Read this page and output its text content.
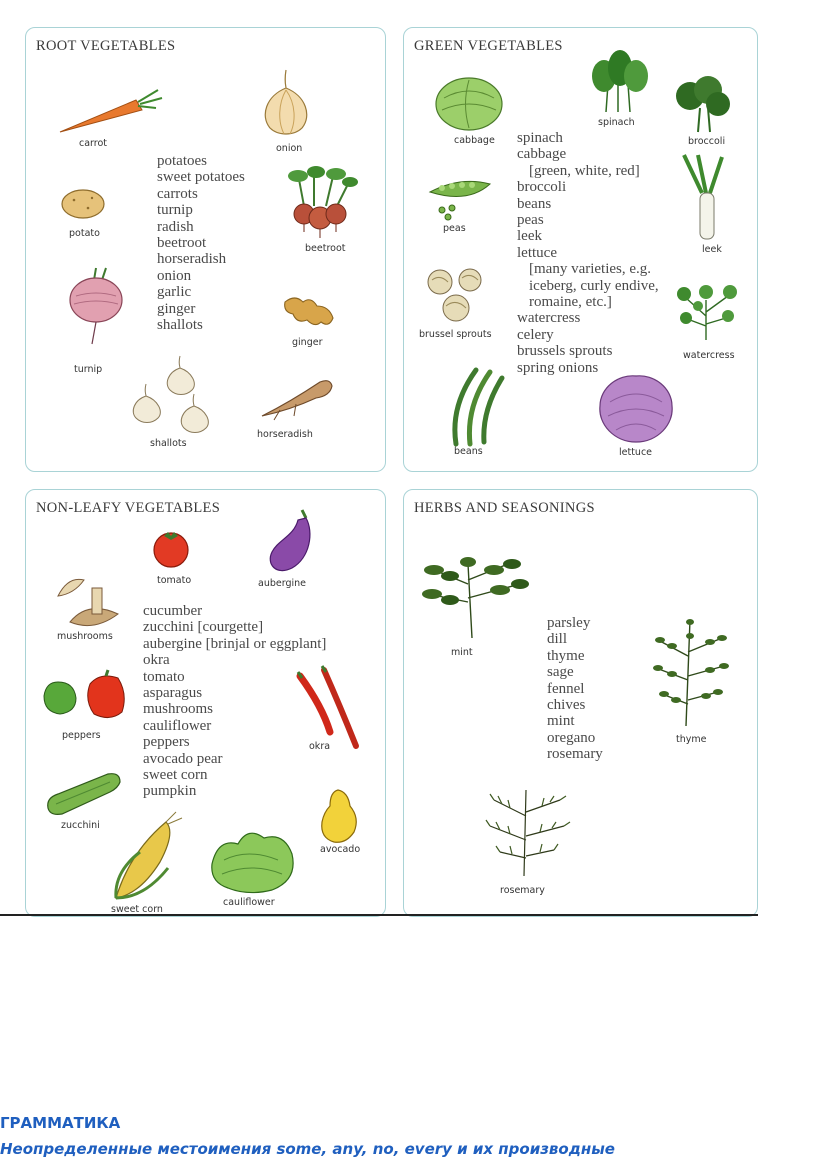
ROOT VEGETABLES
potatoes
sweet potatoes
carrots
turnip
radish
beetroot
horseradish
onion
garlic
ginger
shallots
carrot	onion
potato
beetroot
turnip
ginger
shallots
horseradish
GREEN VEGETABLES
spinach
cabbage
[green, white, red]
broccoli
beans
peas
leek
lettuce
[many varieties, e.g.
iceberg, curly endive,
romaine, etc.]
watercress
celery
brussels sprouts
spring onions
cabbage
spinach
broccoli
peas
leek
brussel sprouts
watercress
beans	lettuce
NON-LEAFY VEGETABLES
cucumber
zucchini [courgette]
aubergine [brinjal or eggplant]
okra
tomato
asparagus
mushrooms
cauliflower
peppers
avocado pear
sweet corn
pumpkin
tomato	aubergine
mushrooms
peppers
okra
zucchini
avocado
sweet corn
cauliflower
HERBS AND SEASONINGS
parsley
dill
thyme
sage
fennel
chives
mint
oregano
rosemary
mint
thyme
rosemary
ГРАММАТИКА
Неопределенные местоимения some, any, no, every и их производные
